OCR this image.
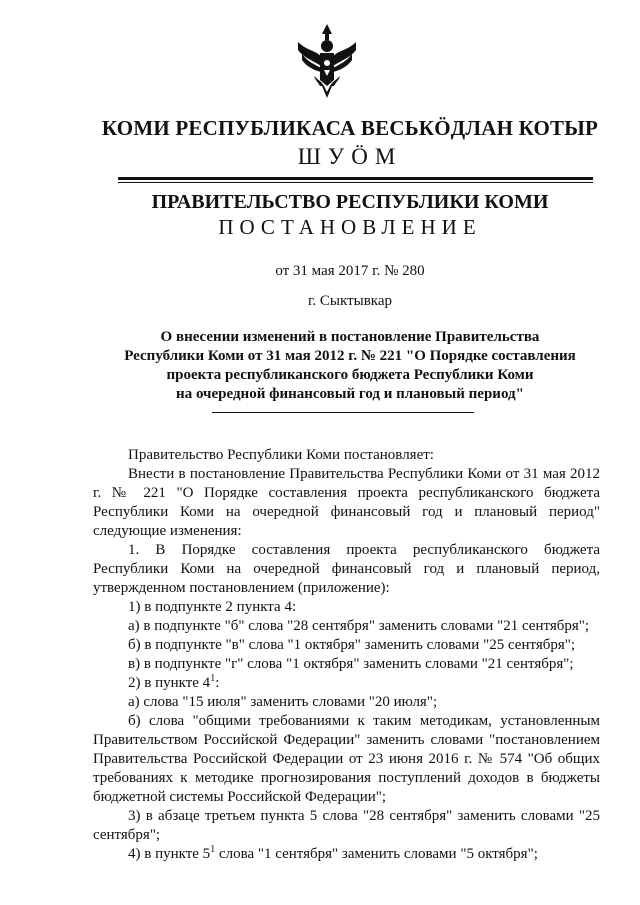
КОМИ РЕСПУБЛИКАСА ВЕСЬКÖДЛАН КОТЫР
ШУÖМ
ПРАВИТЕЛЬСТВО РЕСПУБЛИКИ КОМИ
ПОСТАНОВЛЕНИЕ
от 31 мая 2017 г. № 280
г. Сыктывкар
О внесении изменений в постановление Правительства
Республики Коми от 31 мая 2012 г. № 221 "О Порядке составления
проекта республиканского бюджета Республики Коми
на очередной финансовый год и плановый период"

Правительство Республики Коми постановляет:

Внести в постановление Правительства Республики Коми от 31 мая 2012 г. № 221 "О Порядке составления проекта республиканского бюджета Республики Коми на очередной финансовый год и плановый период" следующие изменения:

1. В Порядке составления проекта республиканского бюджета Республики Коми на очередной финансовый год и плановый период, утвержденном постановлением (приложение):

1) в подпункте 2 пункта 4:

а) в подпункте "б" слова "28 сентября" заменить словами "21 сентября";

б) в подпункте "в" слова "1 октября" заменить словами "25 сентября";

в) в подпункте "г" слова "1 октября" заменить словами "21 сентября";

2) в пункте $4^1$:

а) слова "15 июля" заменить словами "20 июля";

б) слова "общими требованиями к таким методикам, установленным Правительством Российской Федерации" заменить словами "постановлением Правительства Российской Федерации от 23 июня 2016 г. № 574 "Об общих требованиях к методике прогнозирования поступлений доходов в бюджеты бюджетной системы Российской Федерации";

3) в абзаце третьем пункта 5 слова "28 сентября" заменить словами "25 сентября";

4) в пункте $5^1$ слова "1 сентября" заменить словами "5 октября";
